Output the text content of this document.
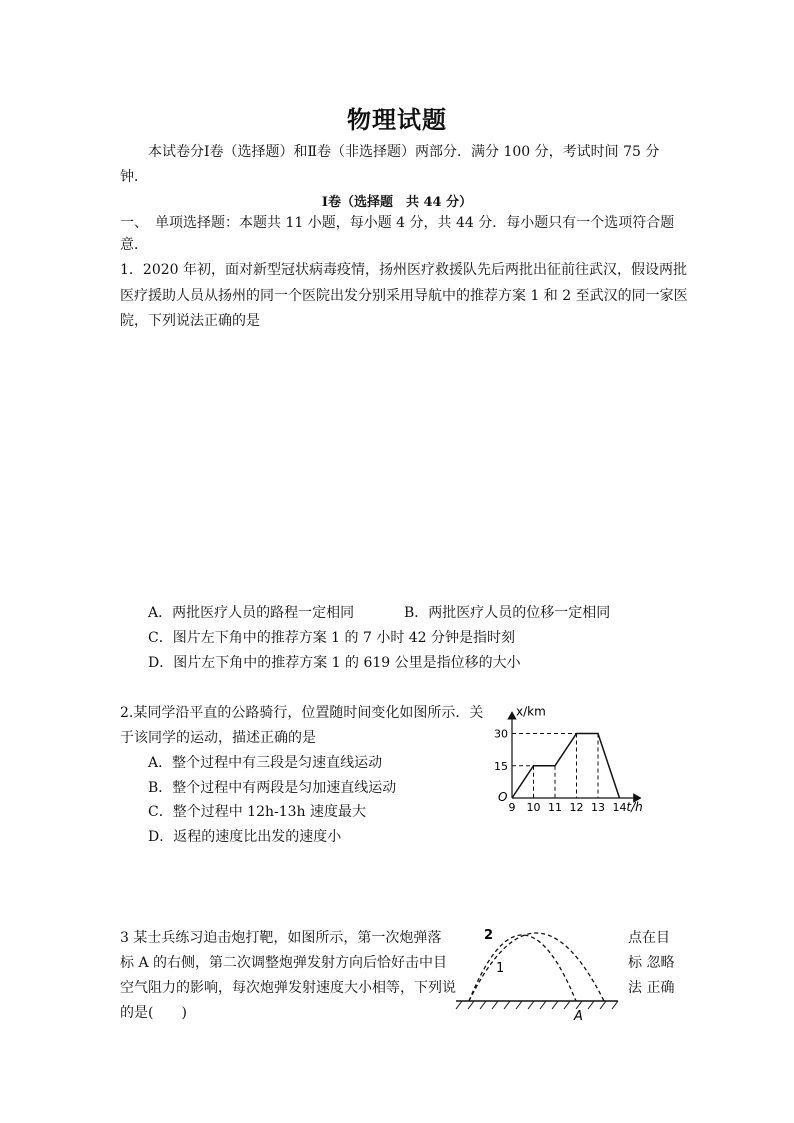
物理试题
本试卷分Ⅰ卷（选择题）和Ⅱ卷（非选择题）两部分．满分 100 分，考试时间 75 分
钟．
Ⅰ卷（选择题　共 44 分）
一、　单项选择题：本题共 11 小题，每小题 4 分，共 44 分．每小题只有一个选项符合题
意．
1．2020 年初，面对新型冠状病毒疫情，扬州医疗救援队先后两批出征前往武汉，假设两批
医疗援助人员从扬州的同一个医院出发分别采用导航中的推荐方案 1 和 2 至武汉的同一家医
院，下列说法正确的是
A．两批医疗人员的路程一定相同	B．两批医疗人员的位移一定相同
C．图片左下角中的推荐方案 1 的 7 小时 42 分钟是指时刻
D．图片左下角中的推荐方案 1 的 619 公里是指位移的大小
2.某同学沿平直的公路骑行，位置随时间变化如图所示．关
于该同学的运动，描述正确的是
A．整个过程中有三段是匀速直线运动
B．整个过程中有两段是匀加速直线运动
C．整个过程中 12h-13h 速度最大
D．返程的速度比出发的速度小
15
30
9 10 11 12 13 14
O
x/km
t/h
3 某士兵练习迫击炮打靶，如图所示，第一次炮弹落
标 A 的右侧，第二次调整炮弹发射方向后恰好击中目
空气阻力的影响，每次炮弹发射速度大小相等，下列说
的是(　　)
点在目
标 忽略
法 正确
2
1
A
